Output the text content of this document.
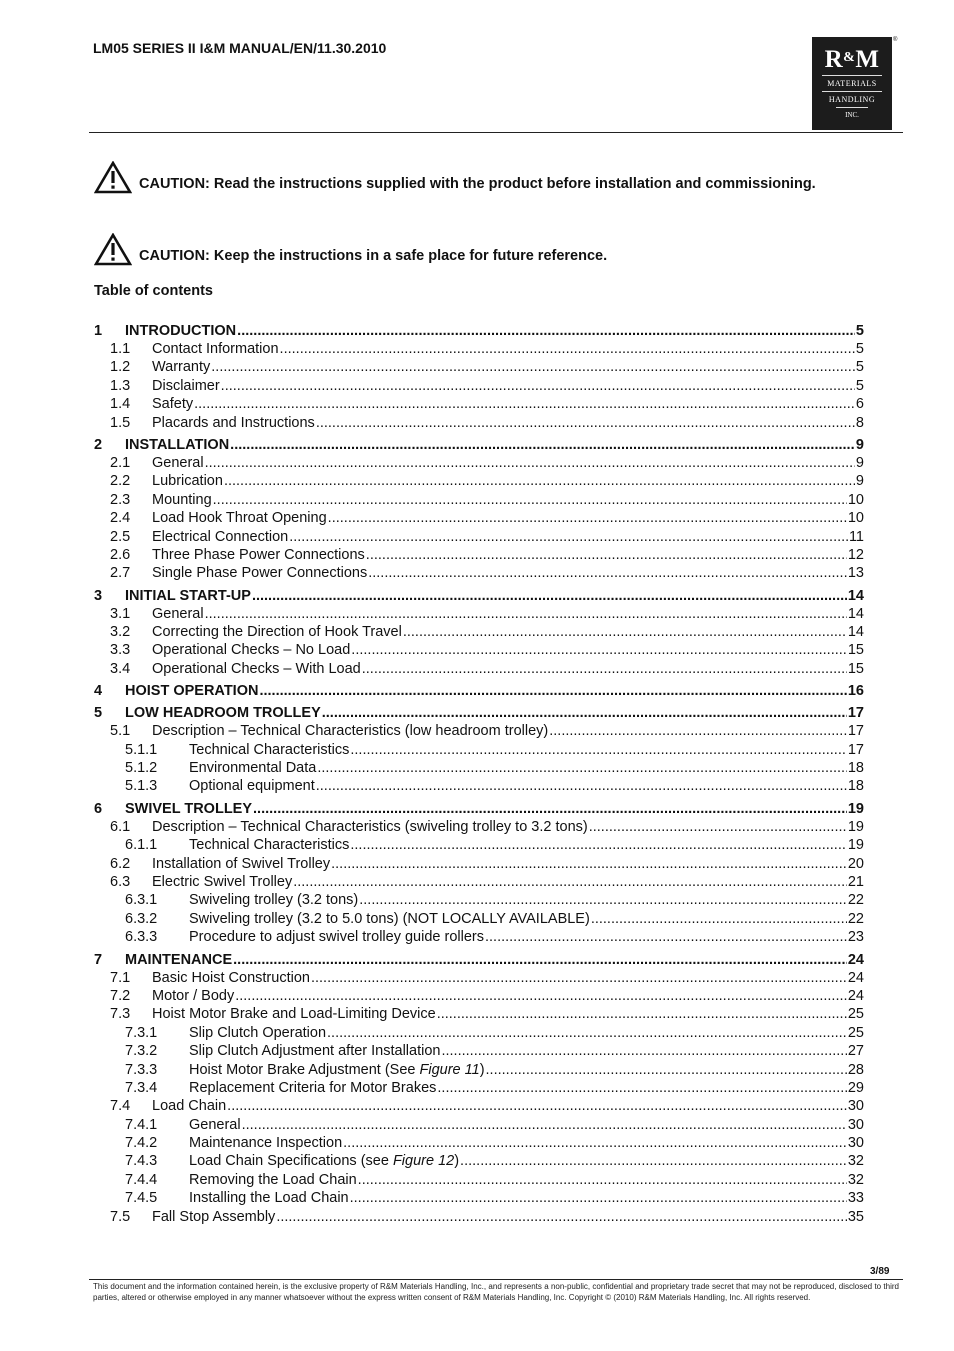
LM05 SERIES II I&M MANUAL/EN/11.30.2010	R&M
MATERIALS
HANDLING
INC.
®
CAUTION: Read the instructions supplied with the product before installation and commissioning.
CAUTION: Keep the instructions in a safe place for future reference.
Table of contents
1	INTRODUCTION .....	5
1.1	Contact Information .....	5
1.2	Warranty .....	5
1.3	Disclaimer .....	5
1.4	Safety .....	6
1.5	Placards and Instructions .....	8
2	INSTALLATION .....	9
2.1	General .....	9
2.2	Lubrication .....	9
2.3	Mounting .....	10
2.4	Load Hook Throat Opening .....	10
2.5	Electrical Connection .....	11
2.6	Three Phase Power Connections .....	12
2.7	Single Phase Power Connections .....	13
3	INITIAL START-UP .....	14
3.1	General .....	14
3.2	Correcting the Direction of Hook Travel .....	14
3.3	Operational Checks – No Load .....	15
3.4	Operational Checks – With Load .....	15
4	HOIST OPERATION .....	16
5	LOW HEADROOM TROLLEY .....	17
5.1	Description – Technical Characteristics (low headroom trolley) .....	17
5.1.1	Technical Characteristics .....	17
5.1.2	Environmental Data .....	18
5.1.3	Optional equipment .....	18
6	SWIVEL TROLLEY .....	19
6.1	Description – Technical Characteristics (swiveling trolley to 3.2 tons) .....	19
6.1.1	Technical Characteristics .....	19
6.2	Installation of Swivel Trolley .....	20
6.3	Electric Swivel Trolley .....	21
6.3.1	Swiveling trolley (3.2 tons) .....	22
6.3.2	Swiveling trolley (3.2 to 5.0 tons) (NOT LOCALLY AVAILABLE) .....	22
6.3.3	Procedure to adjust swivel trolley guide rollers .....	23
7	MAINTENANCE .....	24
7.1	Basic Hoist Construction .....	24
7.2	Motor / Body .....	24
7.3	Hoist Motor Brake and Load-Limiting Device .....	25
7.3.1	Slip Clutch Operation .....	25
7.3.2	Slip Clutch Adjustment after Installation .....	27
7.3.3	Hoist Motor Brake Adjustment (See Figure 11) .....	28
7.3.4	Replacement Criteria for Motor Brakes .....	29
7.4	Load Chain .....	30
7.4.1	General .....	30
7.4.2	Maintenance Inspection .....	30
7.4.3	Load Chain Specifications (see Figure 12) .....	32
7.4.4	Removing the Load Chain .....	32
7.4.5	Installing the Load Chain .....	33
7.5	Fall Stop Assembly .....	35
3/89
This document and the information contained herein, is the exclusive property of R&M Materials Handling, Inc., and represents a non-public, confidential and proprietary trade secret that may not be reproduced, disclosed to third parties, altered or otherwise employed in any manner whatsoever without the express written consent of R&M Materials Handling, Inc. Copyright © (2010) R&M Materials Handling, Inc. All rights reserved.
